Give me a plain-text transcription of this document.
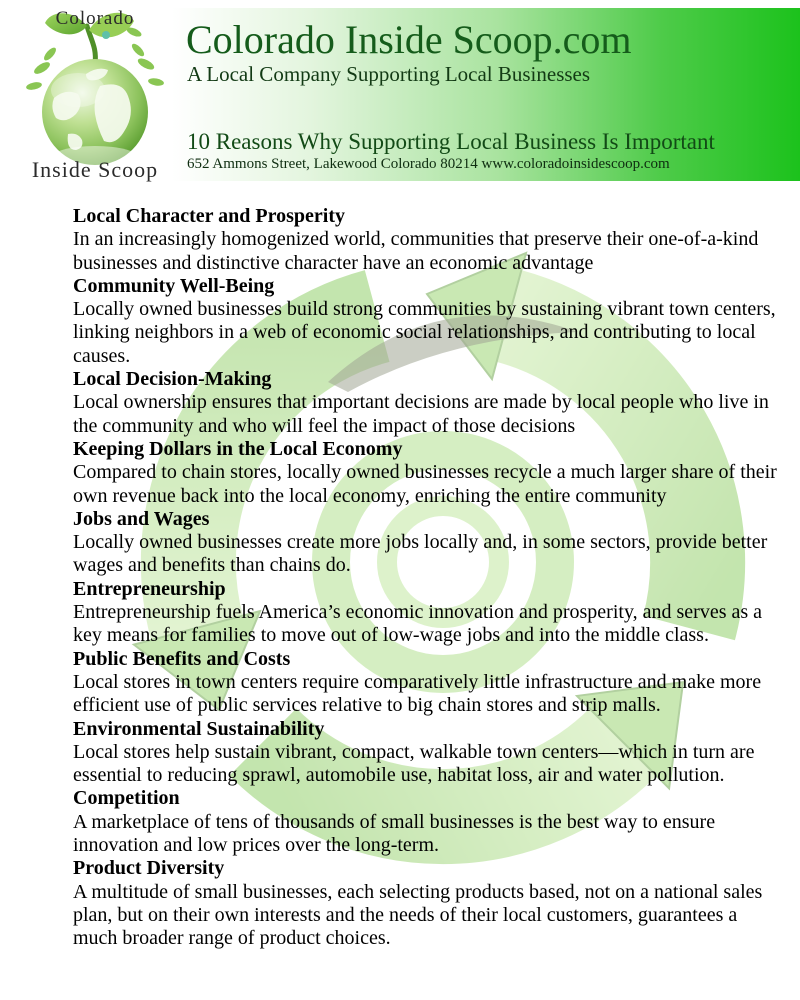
Colorado
Inside Scoop
Colorado Inside Scoop.com
A Local Company Supporting Local Businesses
10 Reasons Why Supporting Local Business Is Important
652 Ammons Street, Lakewood Colorado 80214 www.coloradoinsidescoop.com
Local Character and Prosperity

In an increasingly homogenized world, communities that preserve their one-of-a-kind businesses and distinctive character have an economic advantage

Community Well-Being

Locally owned businesses build strong communities by sustaining vibrant town centers, linking neighbors in a web of economic social relationships, and contributing to local causes.

Local Decision-Making

Local ownership ensures that important decisions are made by local people who live in the community and who will feel the impact of those decisions

Keeping Dollars in the Local Economy

Compared to chain stores, locally owned businesses recycle a much larger share of their own revenue back into the local economy, enriching the entire community

Jobs and Wages

Locally owned businesses create more jobs locally and, in some sectors, provide better wages and benefits than chains do.

Entrepreneurship

Entrepreneurship fuels America’s economic innovation and prosperity, and serves as a key means for families to move out of low-wage jobs and into the middle class.

Public Benefits and Costs

Local stores in town centers require comparatively little infrastructure and make more efficient use of public services relative to big chain stores and strip malls.

Environmental Sustainability

Local stores help sustain vibrant, compact, walkable town centers—which in turn are essential to reducing sprawl, automobile use, habitat loss, air and water pollution.

Competition

A marketplace of tens of thousands of small businesses is the best way to ensure innovation and low prices over the long-term.

Product Diversity

A multitude of small businesses, each selecting products based, not on a national sales plan, but on their own interests and the needs of their local customers, guarantees a much broader range of product choices.
